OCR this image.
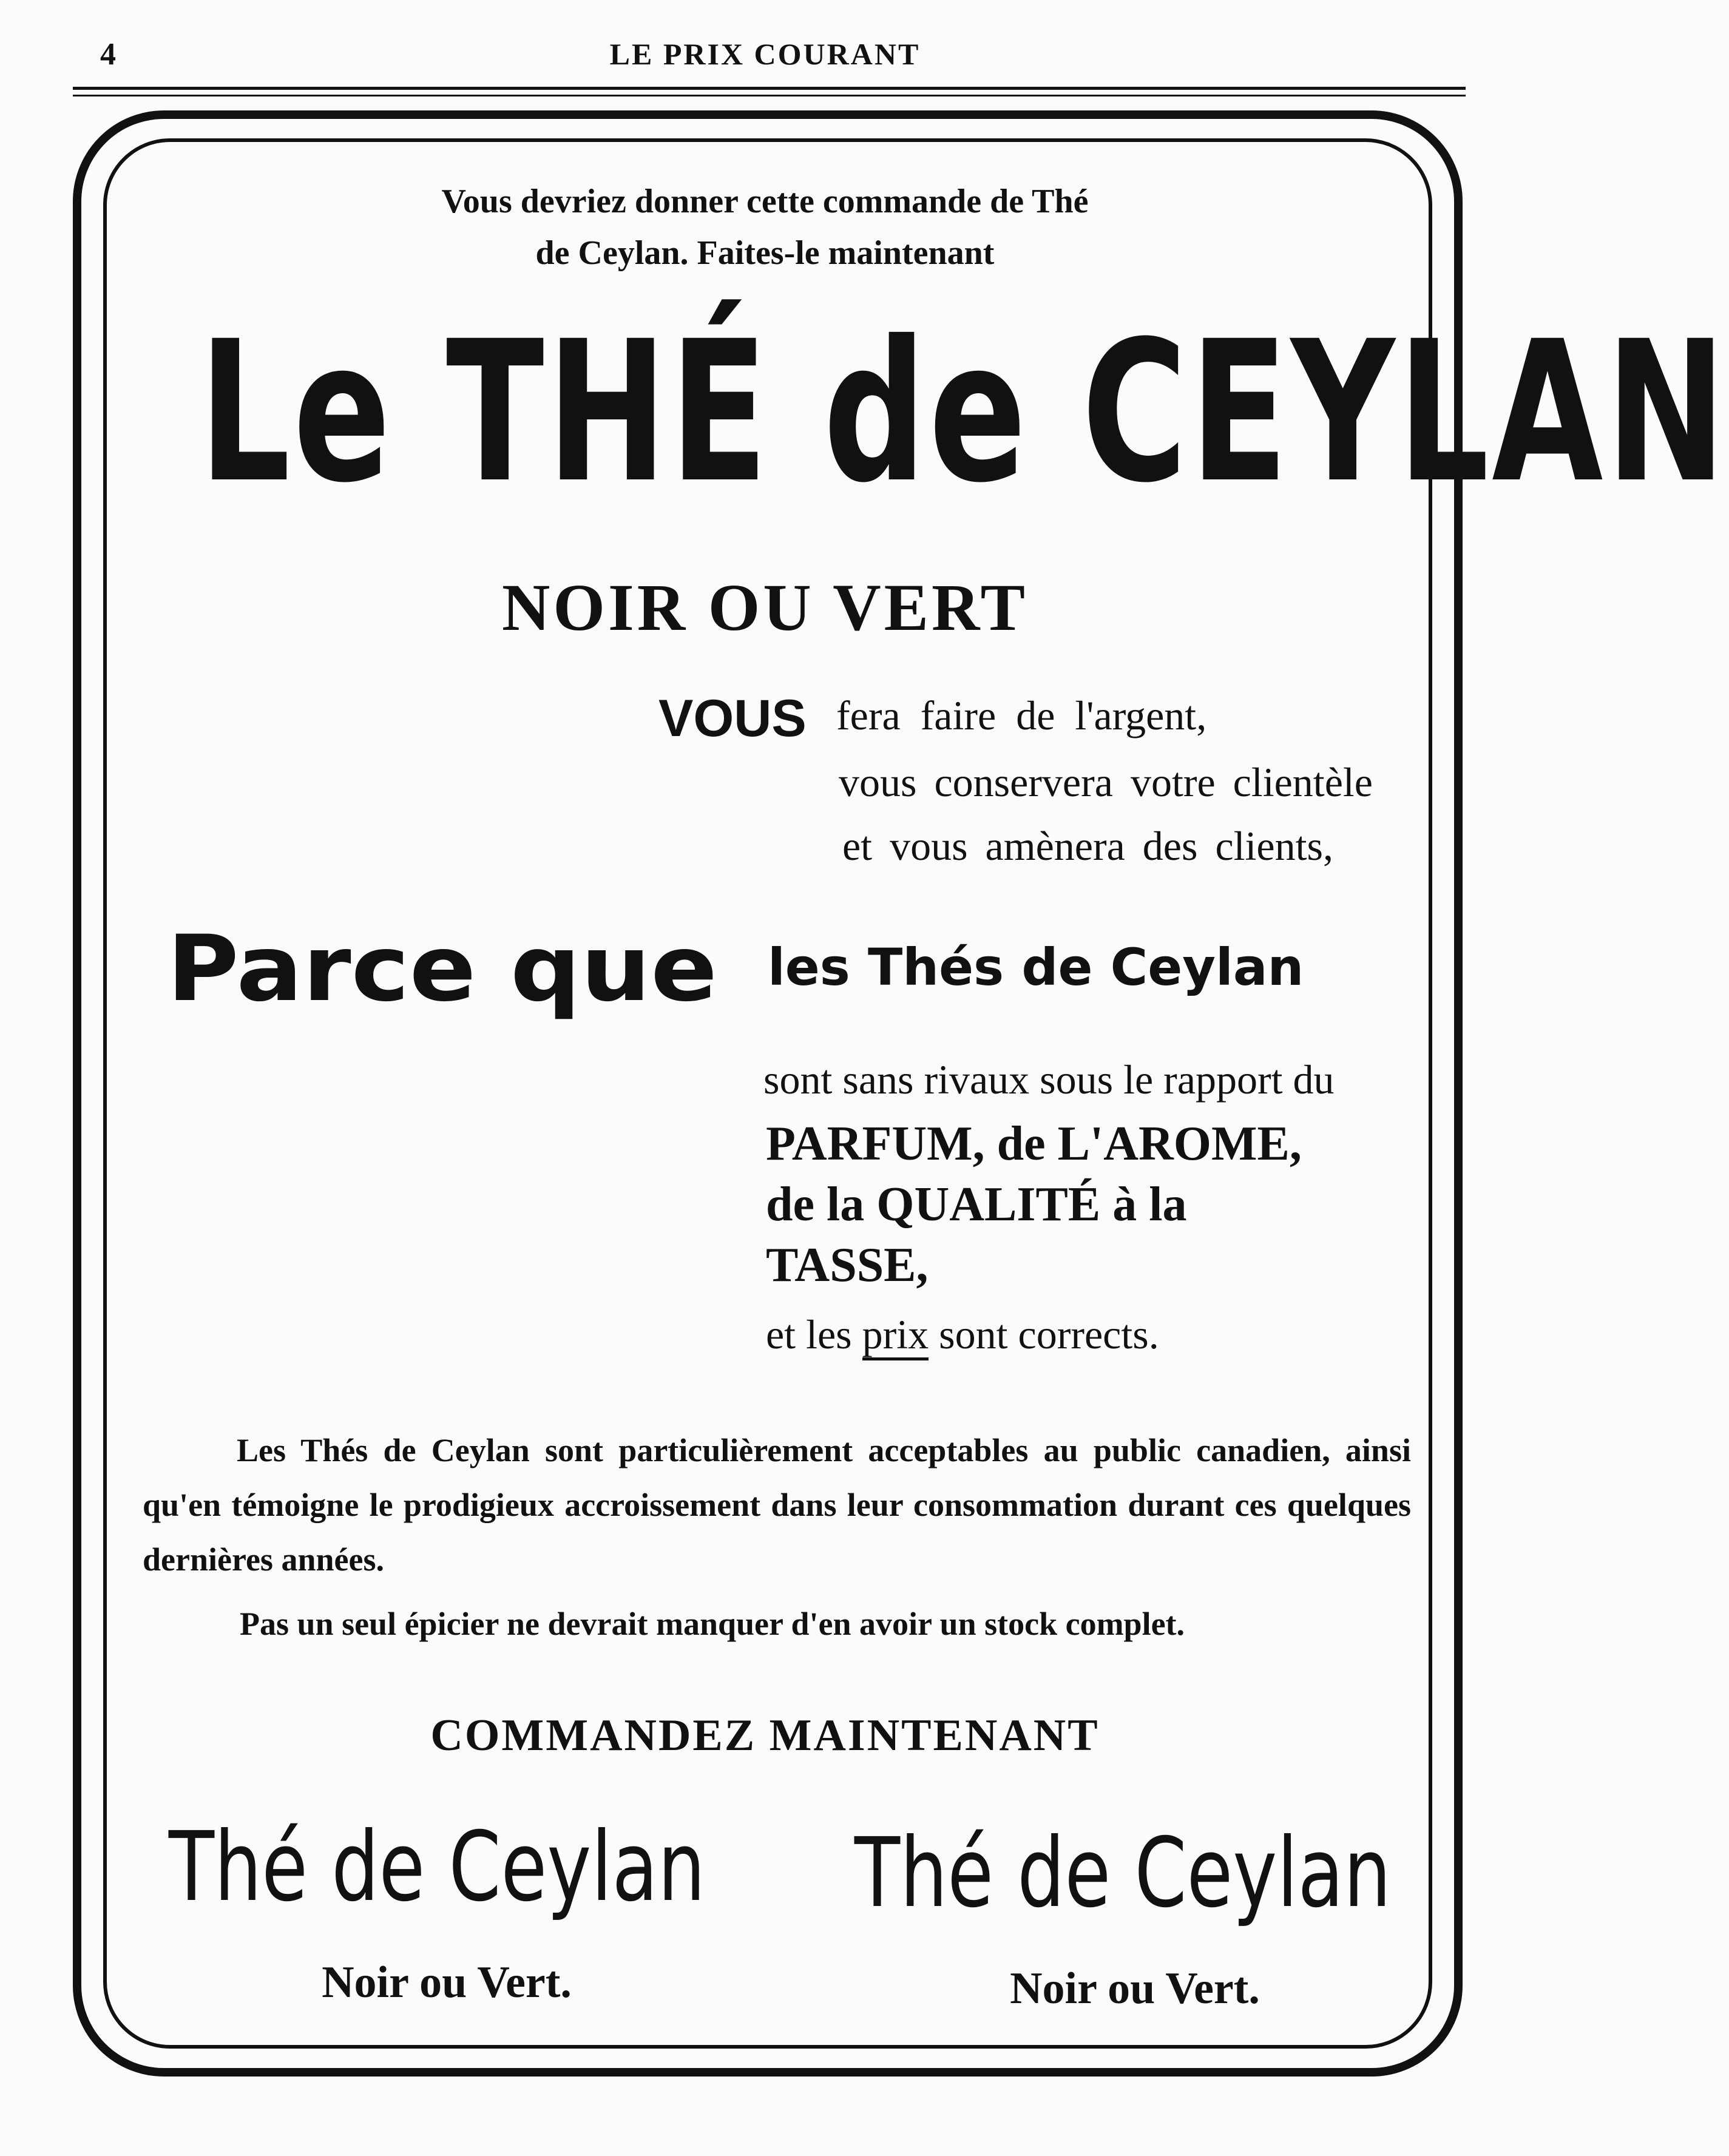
4	LE PRIX COURANT
Vous devriez donner cette commande de Thé
de Ceylan. Faites-le maintenant
Le THÉ de CEYLAN
NOIR OU VERT
VOUS fera faire de l'argent,
vous conservera votre clientèle
et vous amènera des clients,
Parce que les Thés de Ceylan
sont sans rivaux sous le rapport du
PARFUM, de L'AROME,
de la QUALITÉ à la
TASSE,
et les prix sont corrects.

Les Thés de Ceylan sont particulièrement acceptables au public canadien, ainsi qu'en témoigne le prodigieux accroissement dans leur consommation durant ces quelques dernières années.

Pas un seul épicier ne devrait manquer d'en avoir un stock complet.
COMMANDEZ MAINTENANT
Thé de Ceylan Thé de Ceylan
Noir ou Vert.	Noir ou Vert.
